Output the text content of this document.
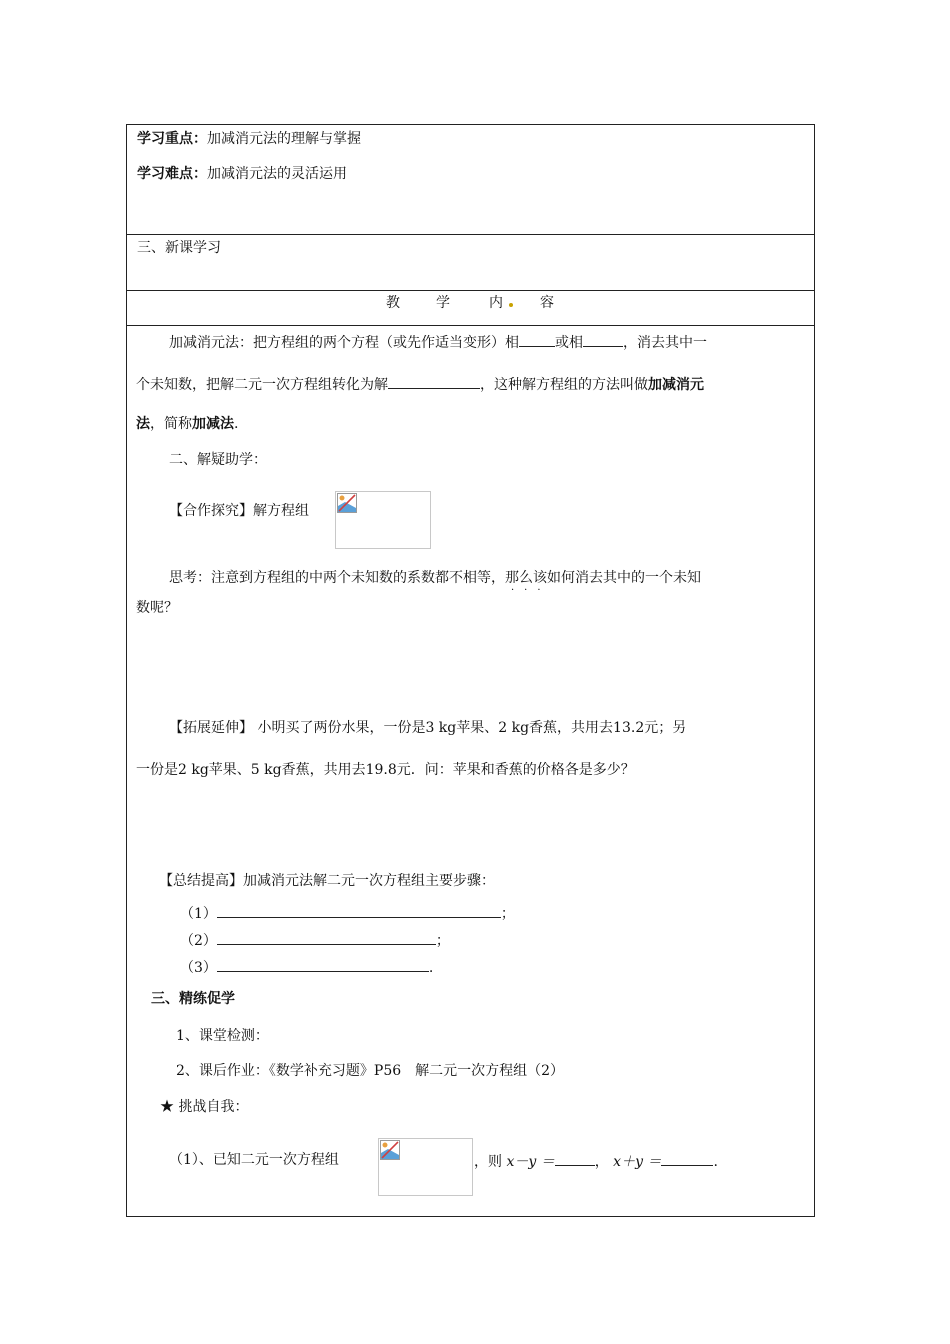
学习重点：加减消元法的理解与掌握
学习难点：加减消元法的灵活运用
三、新课学习
教	学	内	容
加减消元法：把方程组的两个方程（或先作适当变形）相	或相	，消去其中一
个未知数，把解二元一次方程组转化为解	，这种解方程组的方法叫做加减消元
法，简称加减法.
二、解疑助学：
【合作探究】解方程组
思考：注意到方程组的中两个未知数的系数都不相等，那么该如何消去其中的一个未知
···
数呢？
【拓展延伸】 小明买了两份水果，一份是3 kg苹果、2 kg香蕉，共用去13.2元；另
一份是2 kg苹果、5 kg香蕉，共用去19.8元．问：苹果和香蕉的价格各是多少？
【总结提高】加减消元法解二元一次方程组主要步骤：
（1）	；
（2）	；
（3）	.
三、精练促学
1、课堂检测：
2、课后作业：《数学补充习题》P56　解二元一次方程组（2）
★ 挑战自我：
（1）、已知二元一次方程组	，则 x－y ＝	， x＋y ＝	.
